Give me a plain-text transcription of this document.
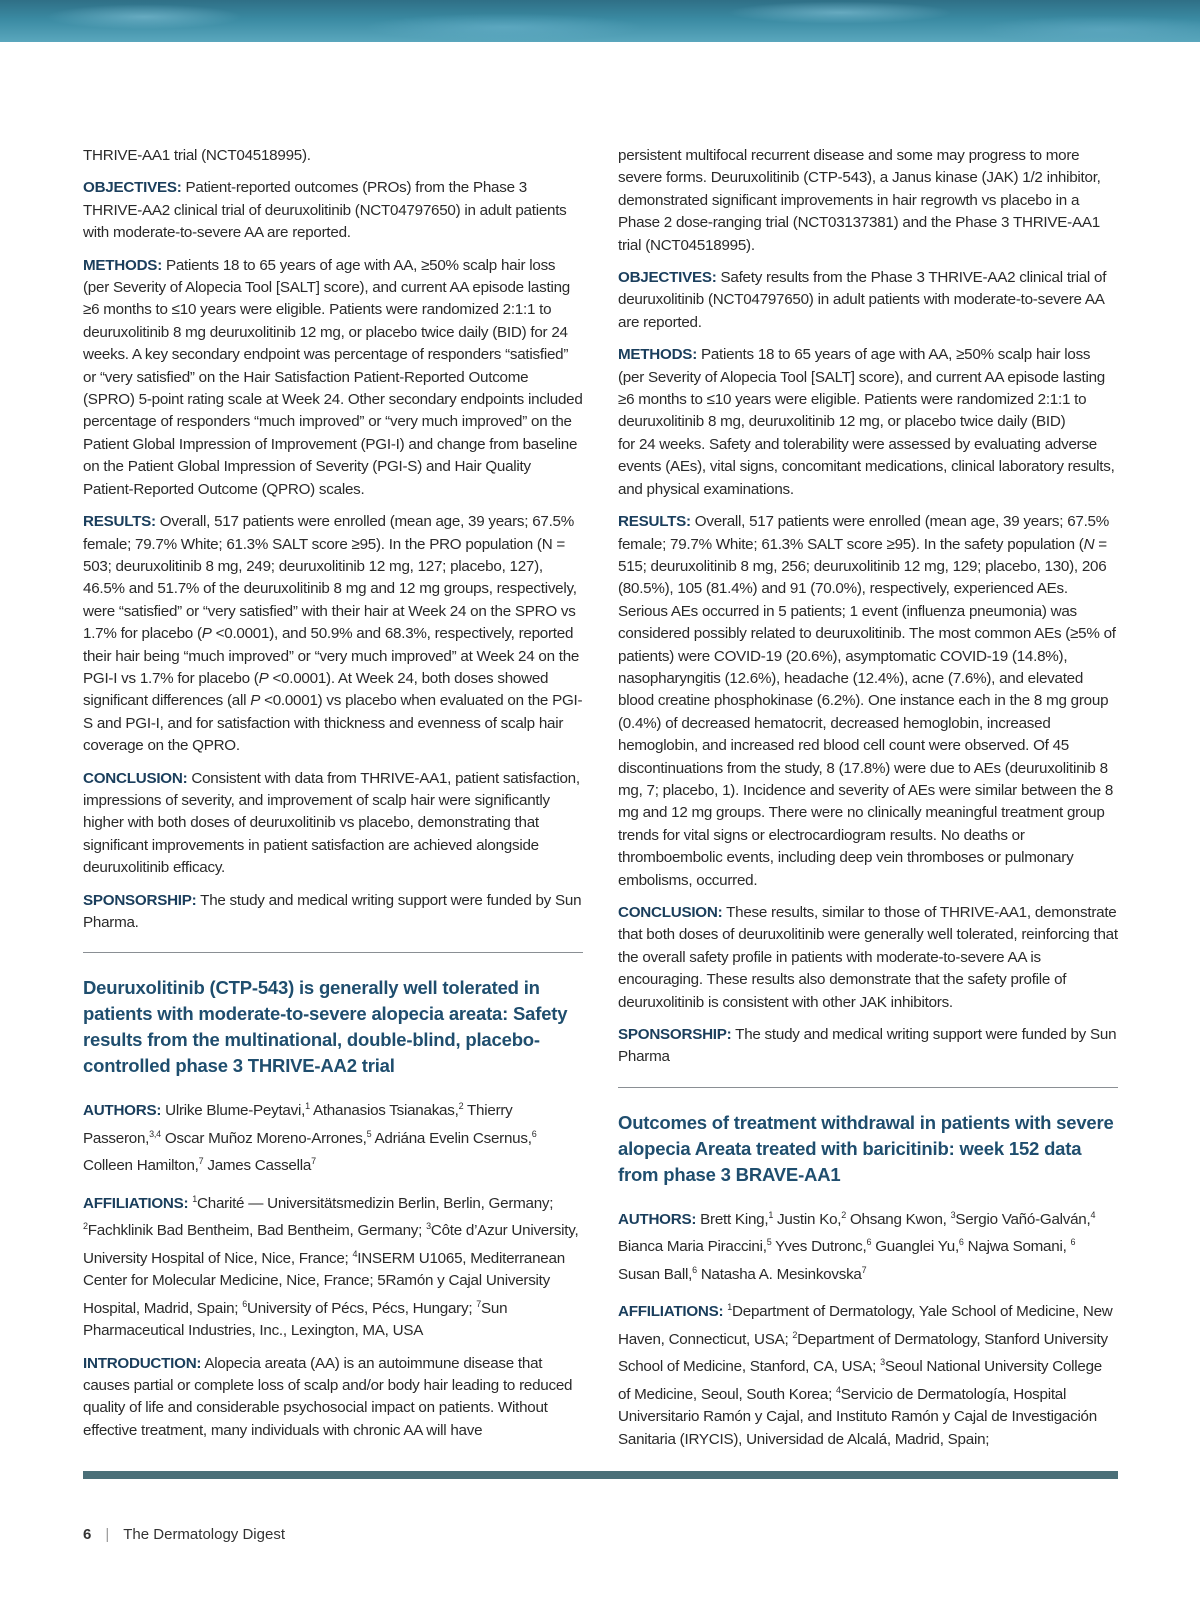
THRIVE-AA1 trial (NCT04518995).

OBJECTIVES: Patient-reported outcomes (PROs) from the Phase 3 THRIVE-AA2 clinical trial of deuruxolitinib (NCT04797650) in adult patients with moderate-to-severe AA are reported.

METHODS: Patients 18 to 65 years of age with AA, ≥50% scalp hair loss (per Severity of Alopecia Tool [SALT] score), and current AA episode lasting ≥6 months to ≤10 years were eligible. Patients were randomized 2:1:1 to deuruxolitinib 8 mg deuruxolitinib 12 mg, or placebo twice daily (BID) for 24 weeks. A key secondary endpoint was percentage of responders “satisfied” or “very satisfied” on the Hair Satisfaction Patient-Reported Outcome (SPRO) 5-point rating scale at Week 24. Other secondary endpoints included percentage of responders “much improved” or “very much improved” on the Patient Global Impression of Improvement (PGI-I) and change from baseline on the Patient Global Impression of Severity (PGI-S) and Hair Quality Patient-Reported Outcome (QPRO) scales.

RESULTS: Overall, 517 patients were enrolled (mean age, 39 years; 67.5% female; 79.7% White; 61.3% SALT score ≥95). In the PRO population (N = 503; deuruxolitinib 8 mg, 249; deuruxolitinib 12 mg, 127; placebo, 127), 46.5% and 51.7% of the deuruxolitinib 8 mg and 12 mg groups, respectively, were “satisfied” or “very satisfied” with their hair at Week 24 on the SPRO vs 1.7% for placebo (P <0.0001), and 50.9% and 68.3%, respectively, reported their hair being “much improved” or “very much improved” at Week 24 on the PGI-I vs 1.7% for placebo (P <0.0001). At Week 24, both doses showed significant differences (all P <0.0001) vs placebo when evaluated on the PGI-S and PGI-I, and for satisfaction with thickness and evenness of scalp hair coverage on the QPRO.

CONCLUSION: Consistent with data from THRIVE-AA1, patient satisfaction, impressions of severity, and improvement of scalp hair were significantly higher with both doses of deuruxolitinib vs placebo, demonstrating that significant improvements in patient satisfaction are achieved alongside deuruxolitinib efficacy.

SPONSORSHIP: The study and medical writing support were funded by Sun Pharma.

Deuruxolitinib (CTP-543) is generally well tolerated in patients with moderate-to-severe alopecia areata: Safety results from the multinational, double-blind, placebo-controlled phase 3 THRIVE-AA2 trial

AUTHORS: Ulrike Blume-Peytavi,$^1$ Athanasios Tsianakas,$^2$ Thierry Passeron,$^{3,4}$ Oscar Muñoz Moreno-Arrones,$^5$ Adriána Evelin Csernus,$^6$ Colleen Hamilton,$^7$ James Cassella$^7$

AFFILIATIONS: $^1$Charité — Universitätsmedizin Berlin, Berlin, Germany; $^2$Fachklinik Bad Bentheim, Bad Bentheim, Germany; $^3$Côte d’Azur University, University Hospital of Nice, Nice, France; $^4$INSERM U1065, Mediterranean Center for Molecular Medicine, Nice, France; 5Ramón y Cajal University Hospital, Madrid, Spain; $^6$University of Pécs, Pécs, Hungary; $^7$Sun Pharmaceutical Industries, Inc., Lexington, MA, USA

INTRODUCTION: Alopecia areata (AA) is an autoimmune disease that causes partial or complete loss of scalp and/or body hair leading to reduced quality of life and considerable psychosocial impact on patients. Without effective treatment, many individuals with chronic AA will have

persistent multifocal recurrent disease and some may progress to more severe forms. Deuruxolitinib (CTP-543), a Janus kinase (JAK) 1/2 inhibitor, demonstrated significant improvements in hair regrowth vs placebo in a Phase 2 dose-ranging trial (NCT03137381) and the Phase 3 THRIVE-AA1 trial (NCT04518995).

OBJECTIVES: Safety results from the Phase 3 THRIVE-AA2 clinical trial of deuruxolitinib (NCT04797650) in adult patients with moderate-to-severe AA are reported.

METHODS: Patients 18 to 65 years of age with AA, ≥50% scalp hair loss (per Severity of Alopecia Tool [SALT] score), and current AA episode lasting ≥6 months to ≤10 years were eligible. Patients were randomized 2:1:1 to deuruxolitinib 8 mg, deuruxolitinib 12 mg, or placebo twice daily (BID)
for 24 weeks. Safety and tolerability were assessed by evaluating adverse events (AEs), vital signs, concomitant medications, clinical laboratory results, and physical examinations.

RESULTS: Overall, 517 patients were enrolled (mean age, 39 years; 67.5% female; 79.7% White; 61.3% SALT score ≥95). In the safety population (N = 515; deuruxolitinib 8 mg, 256; deuruxolitinib 12 mg, 129; placebo, 130), 206 (80.5%), 105 (81.4%) and 91 (70.0%), respectively, experienced AEs. Serious AEs occurred in 5 patients; 1 event (influenza pneumonia) was considered possibly related to deuruxolitinib. The most common AEs (≥5% of patients) were COVID-19 (20.6%), asymptomatic COVID-19 (14.8%), nasopharyngitis (12.6%), headache (12.4%), acne (7.6%), and elevated blood creatine phosphokinase (6.2%). One instance each in the 8 mg group (0.4%) of decreased hematocrit, decreased hemoglobin, increased hemoglobin, and increased red blood cell count were observed. Of 45 discontinuations from the study, 8 (17.8%) were due to AEs (deuruxolitinib 8 mg, 7; placebo, 1). Incidence and severity of AEs were similar between the 8 mg and 12 mg groups. There were no clinically meaningful treatment group trends for vital signs or electrocardiogram results. No deaths or thromboembolic events, including deep vein thromboses or pulmonary embolisms, occurred.

CONCLUSION: These results, similar to those of THRIVE-AA1, demonstrate that both doses of deuruxolitinib were generally well tolerated, reinforcing that the overall safety profile in patients with moderate-to-severe AA is encouraging. These results also demonstrate that the safety profile of deuruxolitinib is consistent with other JAK inhibitors.

SPONSORSHIP: The study and medical writing support were funded by Sun Pharma

Outcomes of treatment withdrawal in patients with severe alopecia Areata treated with baricitinib: week 152 data from phase 3 BRAVE-AA1

AUTHORS: Brett King,$^1$ Justin Ko,$^2$ Ohsang Kwon, $^3$Sergio Vañó-Galván,$^4$ Bianca Maria Piraccini,$^5$ Yves Dutronc,$^6$ Guanglei Yu,$^6$ Najwa Somani, $^6$ Susan Ball,$^6$ Natasha A. Mesinkovska$^7$

AFFILIATIONS: $^1$Department of Dermatology, Yale School of Medicine, New Haven, Connecticut, USA; $^2$Department of Dermatology, Stanford University School of Medicine, Stanford, CA, USA; $^3$Seoul National University College of Medicine, Seoul, South Korea; $^4$Servicio de Dermatología, Hospital Universitario Ramón y Cajal, and Instituto Ramón y Cajal de Investigación Sanitaria (IRYCIS), Universidad de Alcalá, Madrid, Spain;

6 | The Dermatology Digest
